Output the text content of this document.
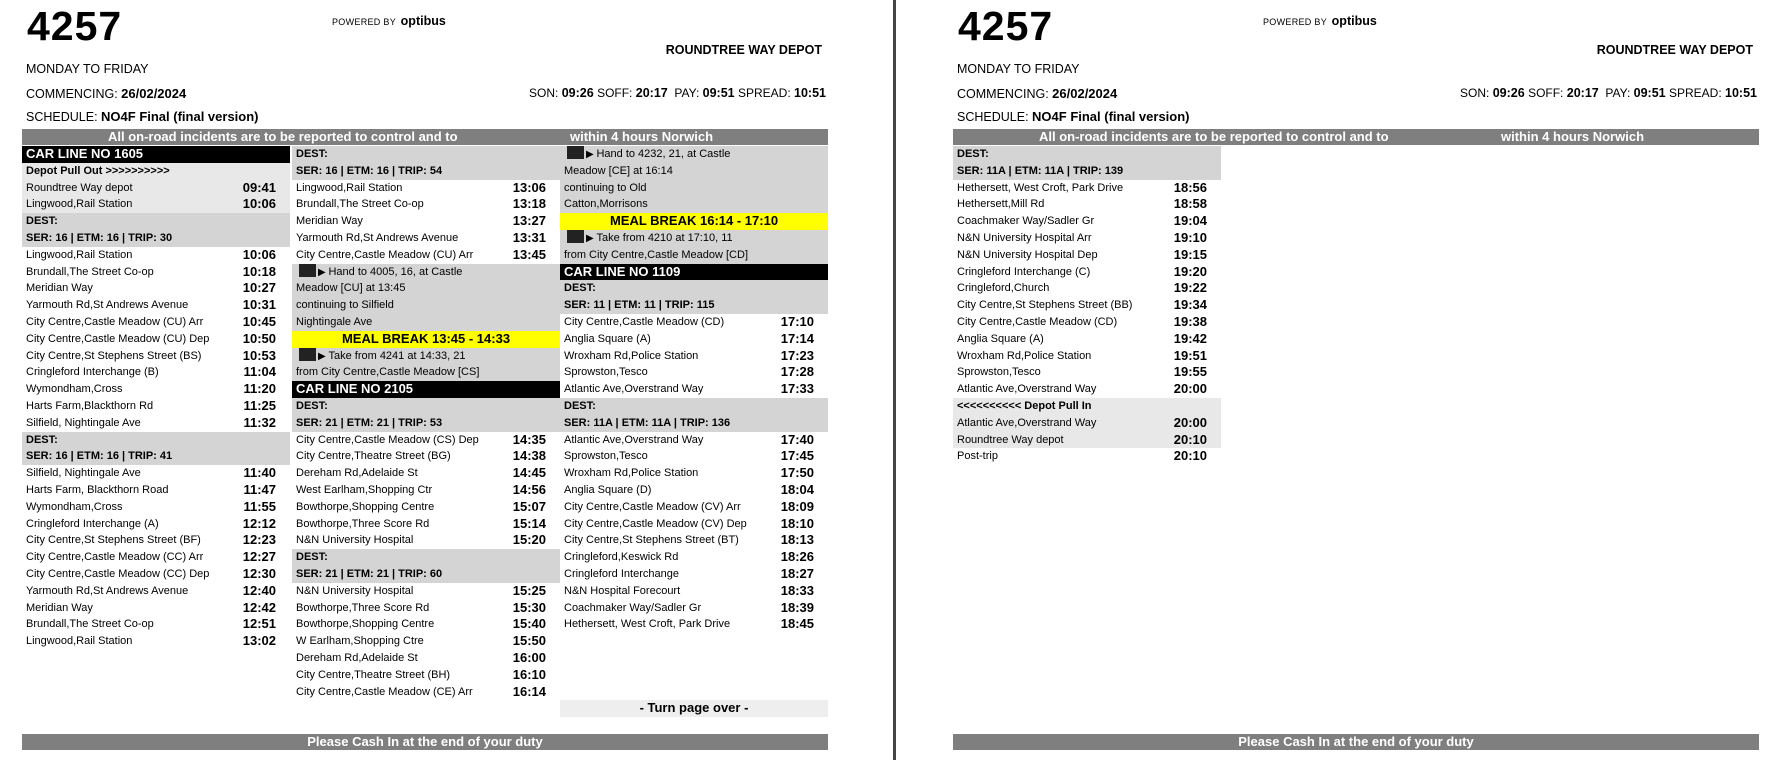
4257	POWERED BY optibus
ROUNDTREE WAY DEPOT
MONDAY TO FRIDAY
COMMENCING: 26/02/2024	SON: 09:26 SOFF: 20:17 PAY: 09:51 SPREAD: 10:51
SCHEDULE: NO4F Final (final version)
All on-road incidents are to be reported to control and to	within 4 hours Norwich
CAR LINE NO 1605
Depot Pull Out >>>>>>>>>>
Roundtree Way depot	09:41
Lingwood,Rail Station	10:06
DEST:
SER: 16 | ETM: 16 | TRIP: 30
Lingwood,Rail Station	10:06
Brundall,The Street Co-op	10:18
Meridian Way	10:27
Yarmouth Rd,St Andrews Avenue	10:31
City Centre,Castle Meadow (CU) Arr	10:45
City Centre,Castle Meadow (CU) Dep	10:50
City Centre,St Stephens Street (BS)	10:53
Cringleford Interchange (B)	11:04
Wymondham,Cross	11:20
Harts Farm,Blackthorn Rd	11:25
Silfield, Nightingale Ave	11:32
DEST:
SER: 16 | ETM: 16 | TRIP: 41
Silfield, Nightingale Ave	11:40
Harts Farm, Blackthorn Road	11:47
Wymondham,Cross	11:55
Cringleford Interchange (A)	12:12
City Centre,St Stephens Street (BF)	12:23
City Centre,Castle Meadow (CC) Arr	12:27
City Centre,Castle Meadow (CC) Dep	12:30
Yarmouth Rd,St Andrews Avenue	12:40
Meridian Way	12:42
Brundall,The Street Co-op	12:51
Lingwood,Rail Station	13:02
DEST:
SER: 16 | ETM: 16 | TRIP: 54
Lingwood,Rail Station	13:06
Brundall,The Street Co-op	13:18
Meridian Way	13:27
Yarmouth Rd,St Andrews Avenue	13:31
City Centre,Castle Meadow (CU) Arr	13:45
▶ Hand to 4005, 16, at Castle
Meadow [CU] at 13:45
continuing to Silfield
Nightingale Ave
MEAL BREAK 13:45 - 14:33
▶ Take from 4241 at 14:33, 21
from City Centre,Castle Meadow [CS]
CAR LINE NO 2105
DEST:
SER: 21 | ETM: 21 | TRIP: 53
City Centre,Castle Meadow (CS) Dep	14:35
City Centre,Theatre Street (BG)	14:38
Dereham Rd,Adelaide St	14:45
West Earlham,Shopping Ctr	14:56
Bowthorpe,Shopping Centre	15:07
Bowthorpe,Three Score Rd	15:14
N&N University Hospital	15:20
DEST:
SER: 21 | ETM: 21 | TRIP: 60
N&N University Hospital	15:25
Bowthorpe,Three Score Rd	15:30
Bowthorpe,Shopping Centre	15:40
W Earlham,Shopping Ctre	15:50
Dereham Rd,Adelaide St	16:00
City Centre,Theatre Street (BH)	16:10
City Centre,Castle Meadow (CE) Arr	16:14
▶ Hand to 4232, 21, at Castle
Meadow [CE] at 16:14
continuing to Old
Catton,Morrisons
MEAL BREAK 16:14 - 17:10
▶ Take from 4210 at 17:10, 11
from City Centre,Castle Meadow [CD]
CAR LINE NO 1109
DEST:
SER: 11 | ETM: 11 | TRIP: 115
City Centre,Castle Meadow (CD)	17:10
Anglia Square (A)	17:14
Wroxham Rd,Police Station	17:23
Sprowston,Tesco	17:28
Atlantic Ave,Overstrand Way	17:33
DEST:
SER: 11A | ETM: 11A | TRIP: 136
Atlantic Ave,Overstrand Way	17:40
Sprowston,Tesco	17:45
Wroxham Rd,Police Station	17:50
Anglia Square (D)	18:04
City Centre,Castle Meadow (CV) Arr	18:09
City Centre,Castle Meadow (CV) Dep	18:10
City Centre,St Stephens Street (BT)	18:13
Cringleford,Keswick Rd	18:26
Cringleford Interchange	18:27
N&N Hospital Forecourt	18:33
Coachmaker Way/Sadler Gr	18:39
Hethersett, West Croft, Park Drive	18:45
- Turn page over -
Please Cash In at the end of your duty
4257	POWERED BY optibus
ROUNDTREE WAY DEPOT
MONDAY TO FRIDAY
COMMENCING: 26/02/2024	SON: 09:26 SOFF: 20:17 PAY: 09:51 SPREAD: 10:51
SCHEDULE: NO4F Final (final version)
All on-road incidents are to be reported to control and to	within 4 hours Norwich
DEST:
SER: 11A | ETM: 11A | TRIP: 139
Hethersett, West Croft, Park Drive	18:56
Hethersett,Mill Rd	18:58
Coachmaker Way/Sadler Gr	19:04
N&N University Hospital Arr	19:10
N&N University Hospital Dep	19:15
Cringleford Interchange (C)	19:20
Cringleford,Church	19:22
City Centre,St Stephens Street (BB)	19:34
City Centre,Castle Meadow (CD)	19:38
Anglia Square (A)	19:42
Wroxham Rd,Police Station	19:51
Sprowston,Tesco	19:55
Atlantic Ave,Overstrand Way	20:00
<<<<<<<<<< Depot Pull In
Atlantic Ave,Overstrand Way	20:00
Roundtree Way depot	20:10
Post-trip	20:10
Please Cash In at the end of your duty
